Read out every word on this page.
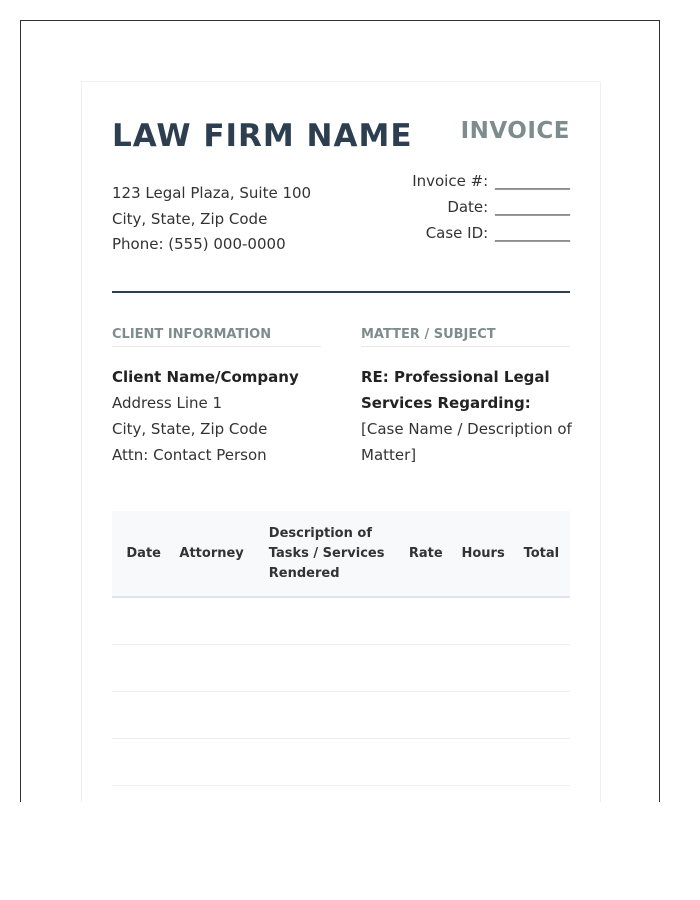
LAW FIRM NAME
123 Legal Plaza, Suite 100
City, State, Zip Code
Phone: (555) 000-0000
INVOICE
Invoice #: __________
Date: __________
Case ID: __________
CLIENT INFORMATION	MATTER / SUBJECT
Client Name/Company
Address Line 1
City, State, Zip Code
Attn: Contact Person
RE: Professional Legal Services Regarding:
[Case Name / Description of Matter]
Date	Attorney	Description of Tasks / Services Rendered	Rate	Hours	Total
